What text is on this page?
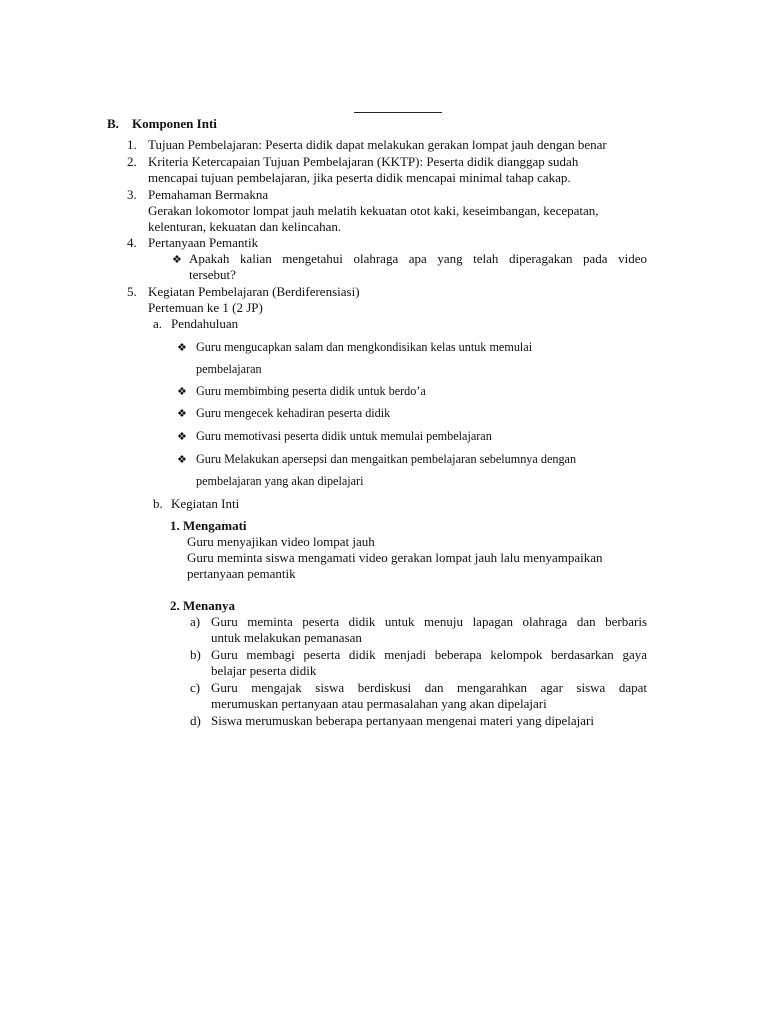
B. Komponen Inti
1. Tujuan Pembelajaran: Peserta didik dapat melakukan gerakan lompat jauh dengan benar
2. Kriteria Ketercapaian Tujuan Pembelajaran (KKTP): Peserta didik dianggap sudah
mencapai tujuan pembelajaran, jika peserta didik mencapai minimal tahap cakap.
3. Pemahaman Bermakna
Gerakan lokomotor lompat jauh melatih kekuatan otot kaki, keseimbangan, kecepatan,
kelenturan, kekuatan dan kelincahan.
4. Pertanyaan Pemantik
❖ Apakah kalian mengetahui olahraga apa yang telah diperagakan pada video
tersebut?
5. Kegiatan Pembelajaran (Berdiferensiasi)
Pertemuan ke 1 (2 JP)
a. Pendahuluan
❖ Guru mengucapkan salam dan mengkondisikan kelas untuk memulai
pembelajaran
❖ Guru membimbing peserta didik untuk berdo’a
❖ Guru mengecek kehadiran peserta didik
❖ Guru memotivasi peserta didik untuk memulai pembelajaran
❖ Guru Melakukan apersepsi dan mengaitkan pembelajaran sebelumnya dengan
pembelajaran yang akan dipelajari
b. Kegiatan Inti
1. Mengamati
Guru menyajikan video lompat jauh
Guru meminta siswa mengamati video gerakan lompat jauh lalu menyampaikan
pertanyaan pemantik
2. Menanya
a) Guru meminta peserta didik untuk menuju lapagan olahraga dan berbaris
untuk melakukan pemanasan
b) Guru membagi peserta didik menjadi beberapa kelompok berdasarkan gaya
belajar peserta didik
c) Guru mengajak siswa berdiskusi dan mengarahkan agar siswa dapat
merumuskan pertanyaan atau permasalahan yang akan dipelajari
d) Siswa merumuskan beberapa pertanyaan mengenai materi yang dipelajari
